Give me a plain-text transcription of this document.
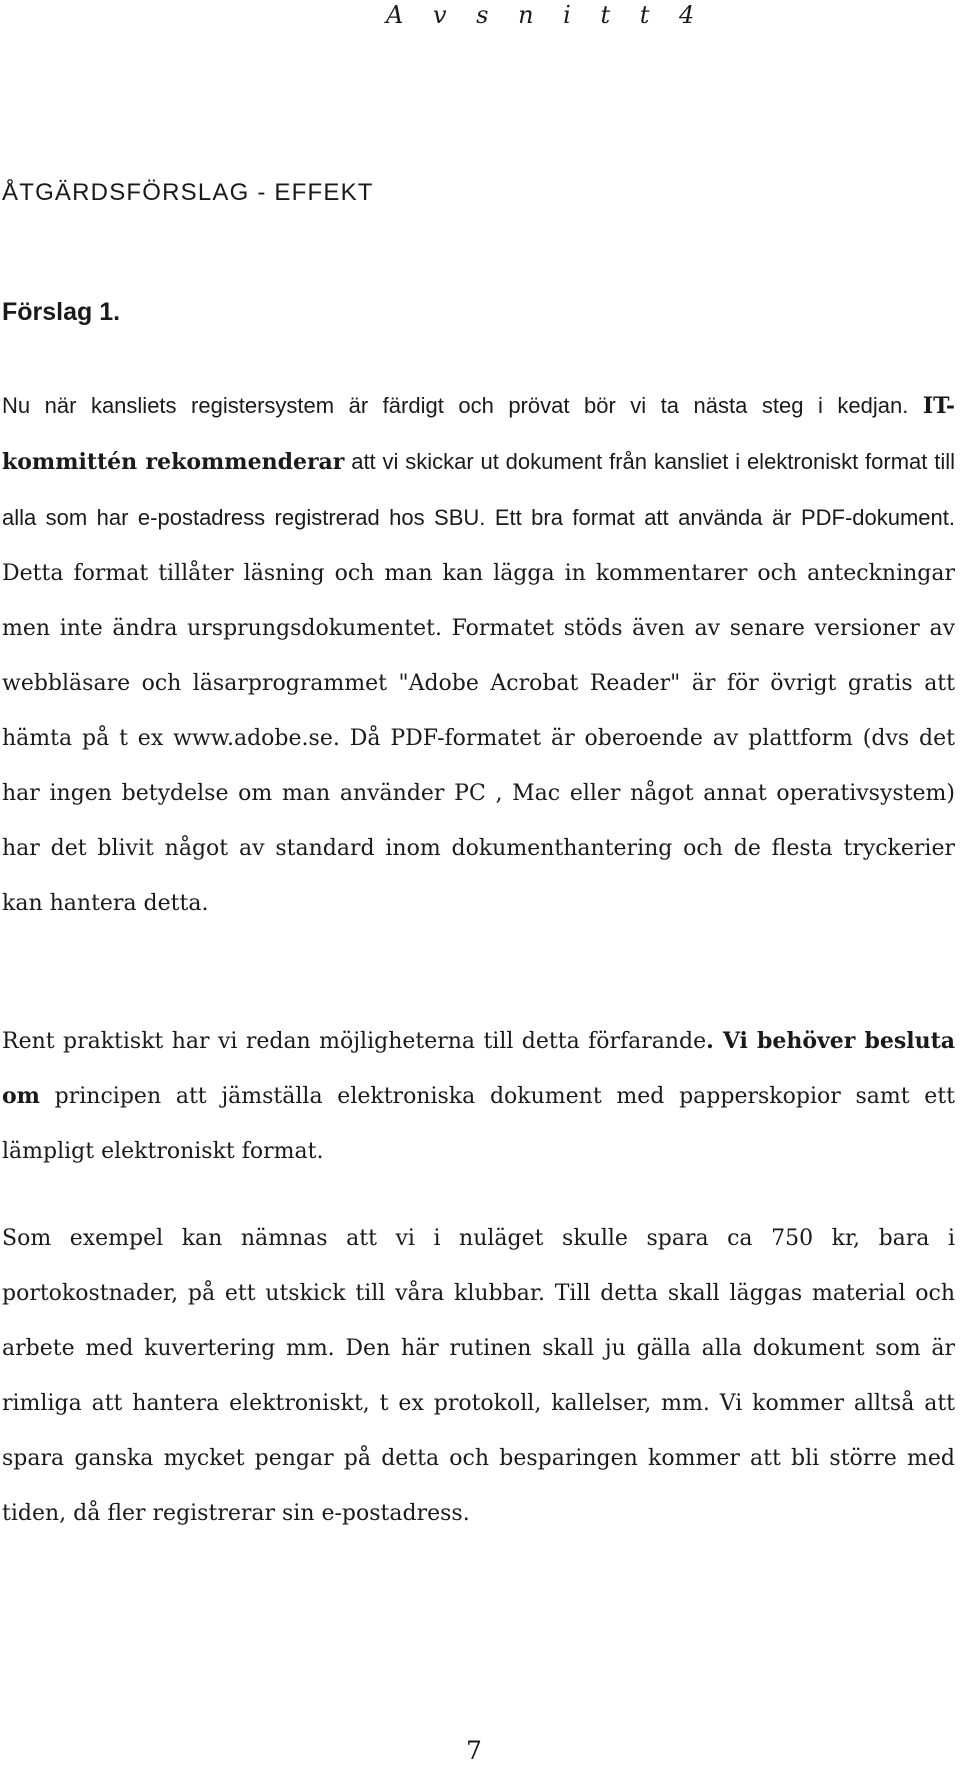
A v s n i t t 4
ÅTGÄRDSFÖRSLAG - EFFEKT
Förslag 1.

Nu när kansliets registersystem är färdigt och prövat bör vi ta nästa steg i kedjan. IT-kommittén rekommenderar att vi skickar ut dokument från kansliet i elektroniskt format till alla som har e-postadress registrerad hos SBU. Ett bra format att använda är PDF-dokument. Detta format tillåter läsning och man kan lägga in kommentarer och anteckningar men inte ändra ursprungsdokumentet. Formatet stöds även av senare versioner av webbläsare och läsarprogrammet "Adobe Acrobat Reader" är för övrigt gratis att hämta på t ex www.adobe.se. Då PDF-formatet är oberoende av plattform (dvs det har ingen betydelse om man använder PC , Mac eller något annat operativsystem) har det blivit något av standard inom dokumenthantering och de flesta tryckerier kan hantera detta.

Rent praktiskt har vi redan möjligheterna till detta förfarande. Vi behöver besluta om principen att jämställa elektroniska dokument med papperskopior samt ett lämpligt elektroniskt format.

Som exempel kan nämnas att vi i nuläget skulle spara ca 750 kr, bara i portokostnader, på ett utskick till våra klubbar. Till detta skall läggas material och arbete med kuvertering mm. Den här rutinen skall ju gälla alla dokument som är rimliga att hantera elektroniskt, t ex protokoll, kallelser, mm. Vi kommer alltså att spara ganska mycket pengar på detta och besparingen kommer att bli större med tiden, då fler registrerar sin e-postadress.

7
